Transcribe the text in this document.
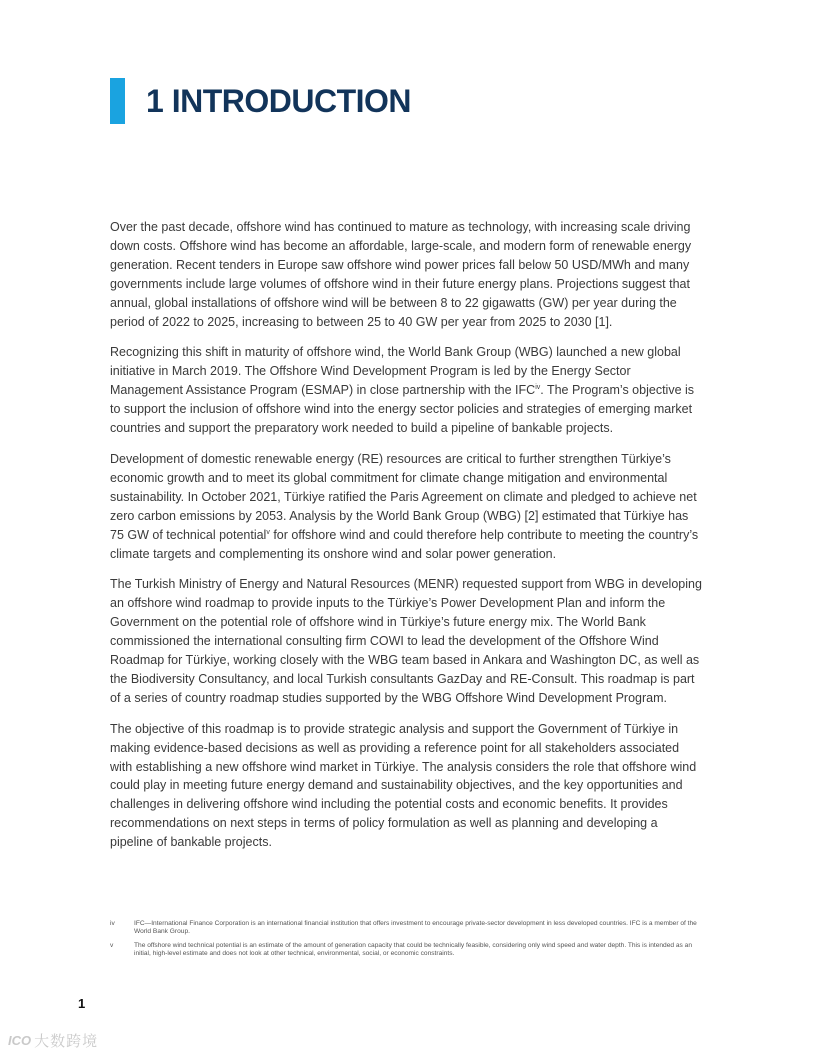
1 INTRODUCTION

Over the past decade, offshore wind has continued to mature as technology, with increasing scale driving down costs. Offshore wind has become an affordable, large-scale, and modern form of renewable energy generation. Recent tenders in Europe saw offshore wind power prices fall below 50 USD/MWh and many governments include large volumes of offshore wind in their future energy plans. Projections suggest that annual, global installations of offshore wind will be between 8 to 22 gigawatts (GW) per year during the period of 2022 to 2025, increasing to between 25 to 40 GW per year from 2025 to 2030 [1].

Recognizing this shift in maturity of offshore wind, the World Bank Group (WBG) launched a new global initiative in March 2019. The Offshore Wind Development Program is led by the Energy Sector Management Assistance Program (ESMAP) in close partnership with the IFC$^{iv}$. The Program’s objective is to support the inclusion of offshore wind into the energy sector policies and strategies of emerging market countries and support the preparatory work needed to build a pipeline of bankable projects.

Development of domestic renewable energy (RE) resources are critical to further strengthen Türkiye’s economic growth and to meet its global commitment for climate change mitigation and environmental sustainability. In October 2021, Türkiye ratified the Paris Agreement on climate and pledged to achieve net zero carbon emissions by 2053. Analysis by the World Bank Group (WBG) [2] estimated that Türkiye has 75 GW of technical potential$^v$ for offshore wind and could therefore help contribute to meeting the country’s climate targets and complementing its onshore wind and solar power generation.

The Turkish Ministry of Energy and Natural Resources (MENR) requested support from WBG in developing an offshore wind roadmap to provide inputs to the Türkiye’s Power Development Plan and inform the Government on the potential role of offshore wind in Türkiye’s future energy mix. The World Bank commissioned the international consulting firm COWI to lead the development of the Offshore Wind Roadmap for Türkiye, working closely with the WBG team based in Ankara and Washington DC, as well as the Biodiversity Consultancy, and local Turkish consultants GazDay and RE-Consult. This roadmap is part of a series of country roadmap studies supported by the WBG Offshore Wind Development Program.

The objective of this roadmap is to provide strategic analysis and support the Government of Türkiye in making evidence-based decisions as well as providing a reference point for all stakeholders associated with establishing a new offshore wind market in Türkiye. The analysis considers the role that offshore wind could play in meeting future energy demand and sustainability objectives, and the key opportunities and challenges in delivering offshore wind including the potential costs and economic benefits. It provides recommendations on next steps in terms of policy formulation as well as planning and developing a pipeline of bankable projects.

iv	IFC—International Finance Corporation is an international financial institution that offers investment to encourage private-sector development in less developed countries. IFC is a member of the World Bank Group.
v	The offshore wind technical potential is an estimate of the amount of generation capacity that could be technically feasible, considering only wind speed and water depth. This is intended as an initial, high-level estimate and does not look at other technical, environmental, social, or economic constraints.
1
ICO 大数跨境
